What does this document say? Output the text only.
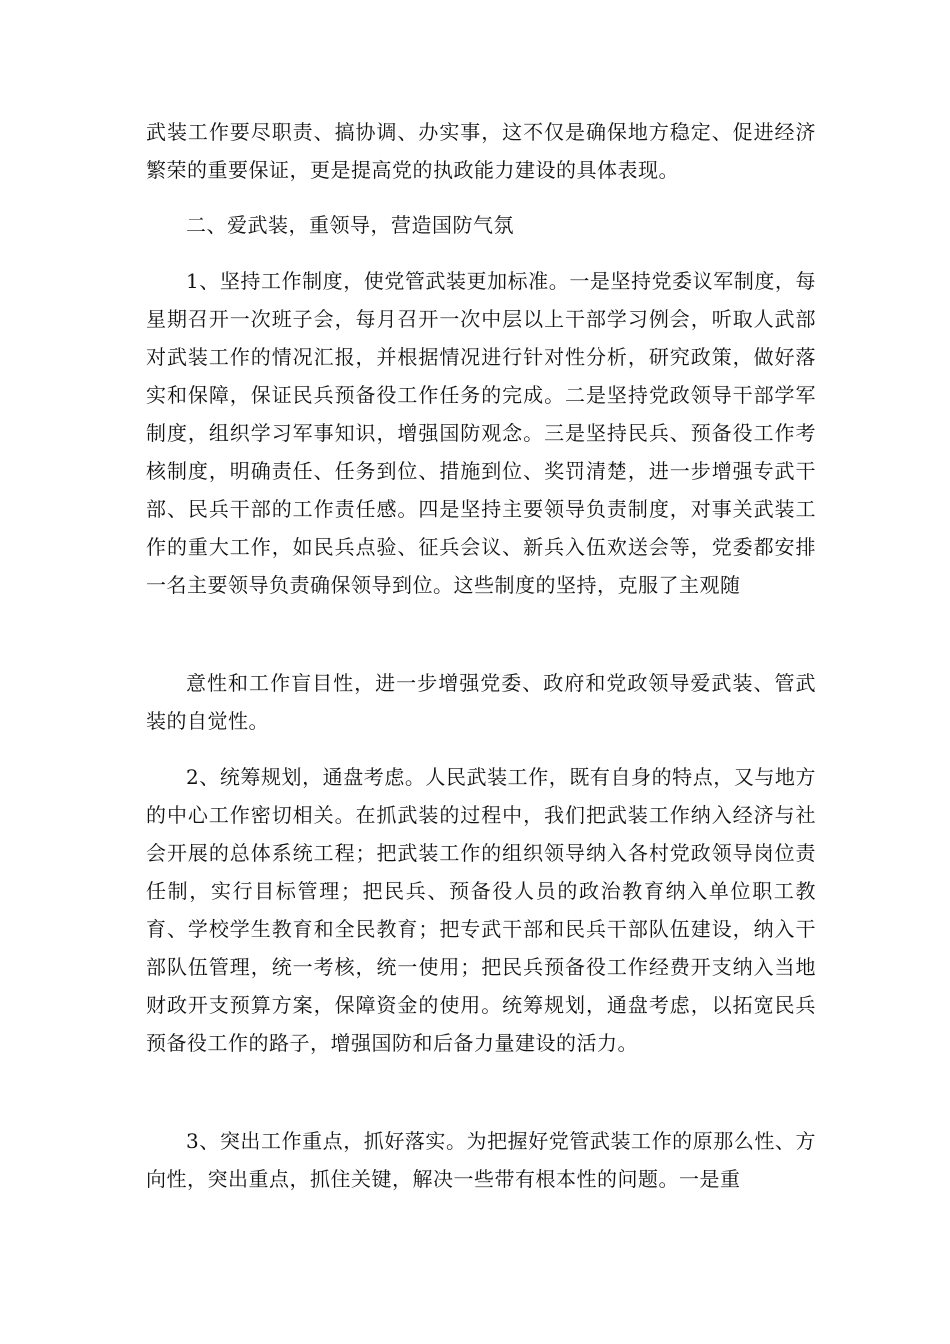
武装工作要尽职责、搞协调、办实事，这不仅是确保地方稳定、促进经济繁荣的重要保证，更是提高党的执政能力建设的具体表现。

二、爱武装，重领导，营造国防气氛

1、坚持工作制度，使党管武装更加标准。一是坚持党委议军制度，每星期召开一次班子会，每月召开一次中层以上干部学习例会，听取人武部对武装工作的情况汇报，并根据情况进行针对性分析，研究政策，做好落实和保障，保证民兵预备役工作任务的完成。二是坚持党政领导干部学军制度，组织学习军事知识，增强国防观念。三是坚持民兵、预备役工作考核制度，明确责任、任务到位、措施到位、奖罚清楚，进一步增强专武干部、民兵干部的工作责任感。四是坚持主要领导负责制度，对事关武装工作的重大工作，如民兵点验、征兵会议、新兵入伍欢送会等，党委都安排一名主要领导负责确保领导到位。这些制度的坚持，克服了主观随

意性和工作盲目性，进一步增强党委、政府和党政领导爱武装、管武装的自觉性。

2、统筹规划，通盘考虑。人民武装工作，既有自身的特点，又与地方的中心工作密切相关。在抓武装的过程中，我们把武装工作纳入经济与社会开展的总体系统工程；把武装工作的组织领导纳入各村党政领导岗位责任制，实行目标管理；把民兵、预备役人员的政治教育纳入单位职工教育、学校学生教育和全民教育；把专武干部和民兵干部队伍建设，纳入干部队伍管理，统一考核，统一使用；把民兵预备役工作经费开支纳入当地财政开支预算方案，保障资金的使用。统筹规划，通盘考虑，以拓宽民兵预备役工作的路子，增强国防和后备力量建设的活力。

3、突出工作重点，抓好落实。为把握好党管武装工作的原那么性、方向性，突出重点，抓住关键，解决一些带有根本性的问题。一是重
